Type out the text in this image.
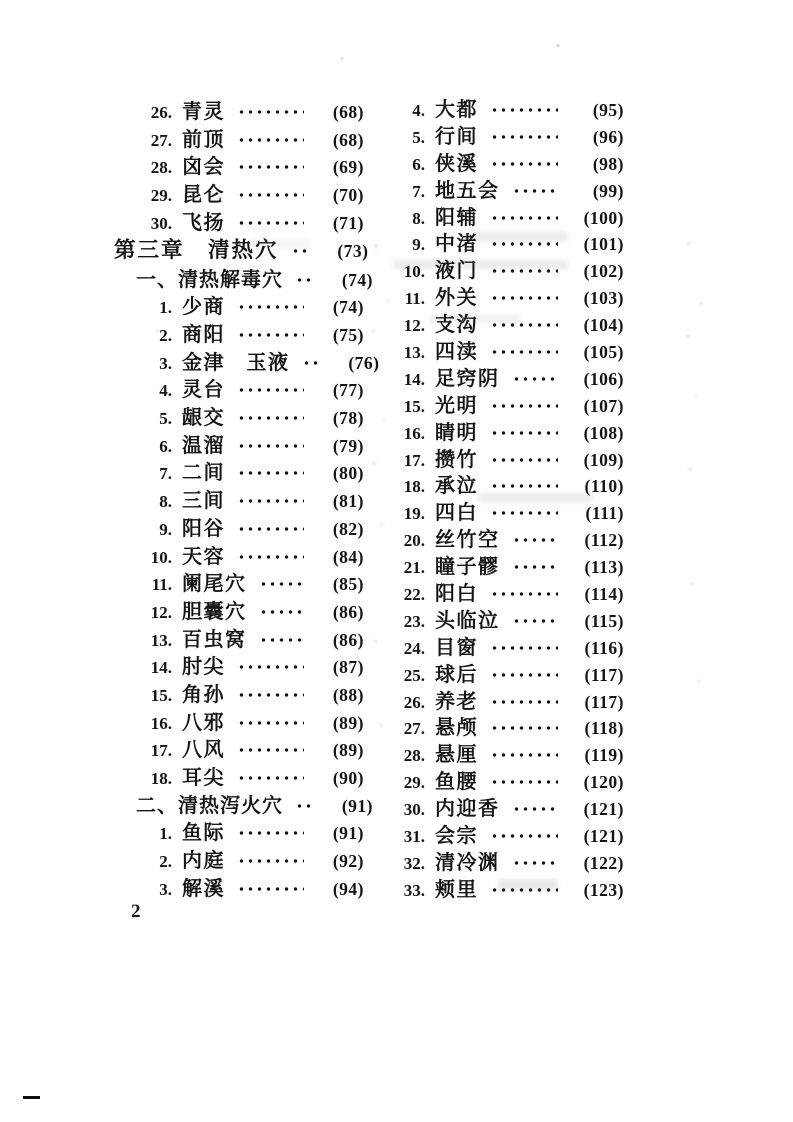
26. 青灵	(68)
27. 前顶	(68)
28. 囟会	(69)
29. 昆仑	(70)
30. 飞扬	(71)
第三章　清热穴	(73)
一、清热解毒穴	(74)
1. 少商	(74)
2. 商阳	(75)
3. 金津　玉液	(76)
4. 灵台	(77)
5. 龈交	(78)
6. 温溜	(79)
7. 二间	(80)
8. 三间	(81)
9. 阳谷	(82)
10. 天容	(84)
11. 阑尾穴	(85)
12. 胆囊穴	(86)
13. 百虫窝	(86)
14. 肘尖	(87)
15. 角孙	(88)
16. 八邪	(89)
17. 八风	(89)
18. 耳尖	(90)
二、清热泻火穴	(91)
1. 鱼际	(91)
2. 内庭	(92)
3. 解溪	(94)
4. 大都	(95)
5. 行间	(96)
6. 侠溪	(98)
7. 地五会	(99)
8. 阳辅	(100)
9. 中渚	(101)
10. 液门	(102)
11. 外关	(103)
12. 支沟	(104)
13. 四渎	(105)
14. 足窍阴	(106)
15. 光明	(107)
16. 睛明	(108)
17. 攒竹	(109)
18. 承泣	(110)
19. 四白	(111)
20. 丝竹空	(112)
21. 瞳子髎	(113)
22. 阳白	(114)
23. 头临泣	(115)
24. 目窗	(116)
25. 球后	(117)
26. 养老	(117)
27. 悬颅	(118)
28. 悬厘	(119)
29. 鱼腰	(120)
30. 内迎香	(121)
31. 会宗	(121)
32. 清冷渊	(122)
33. 颊里	(123)
2
